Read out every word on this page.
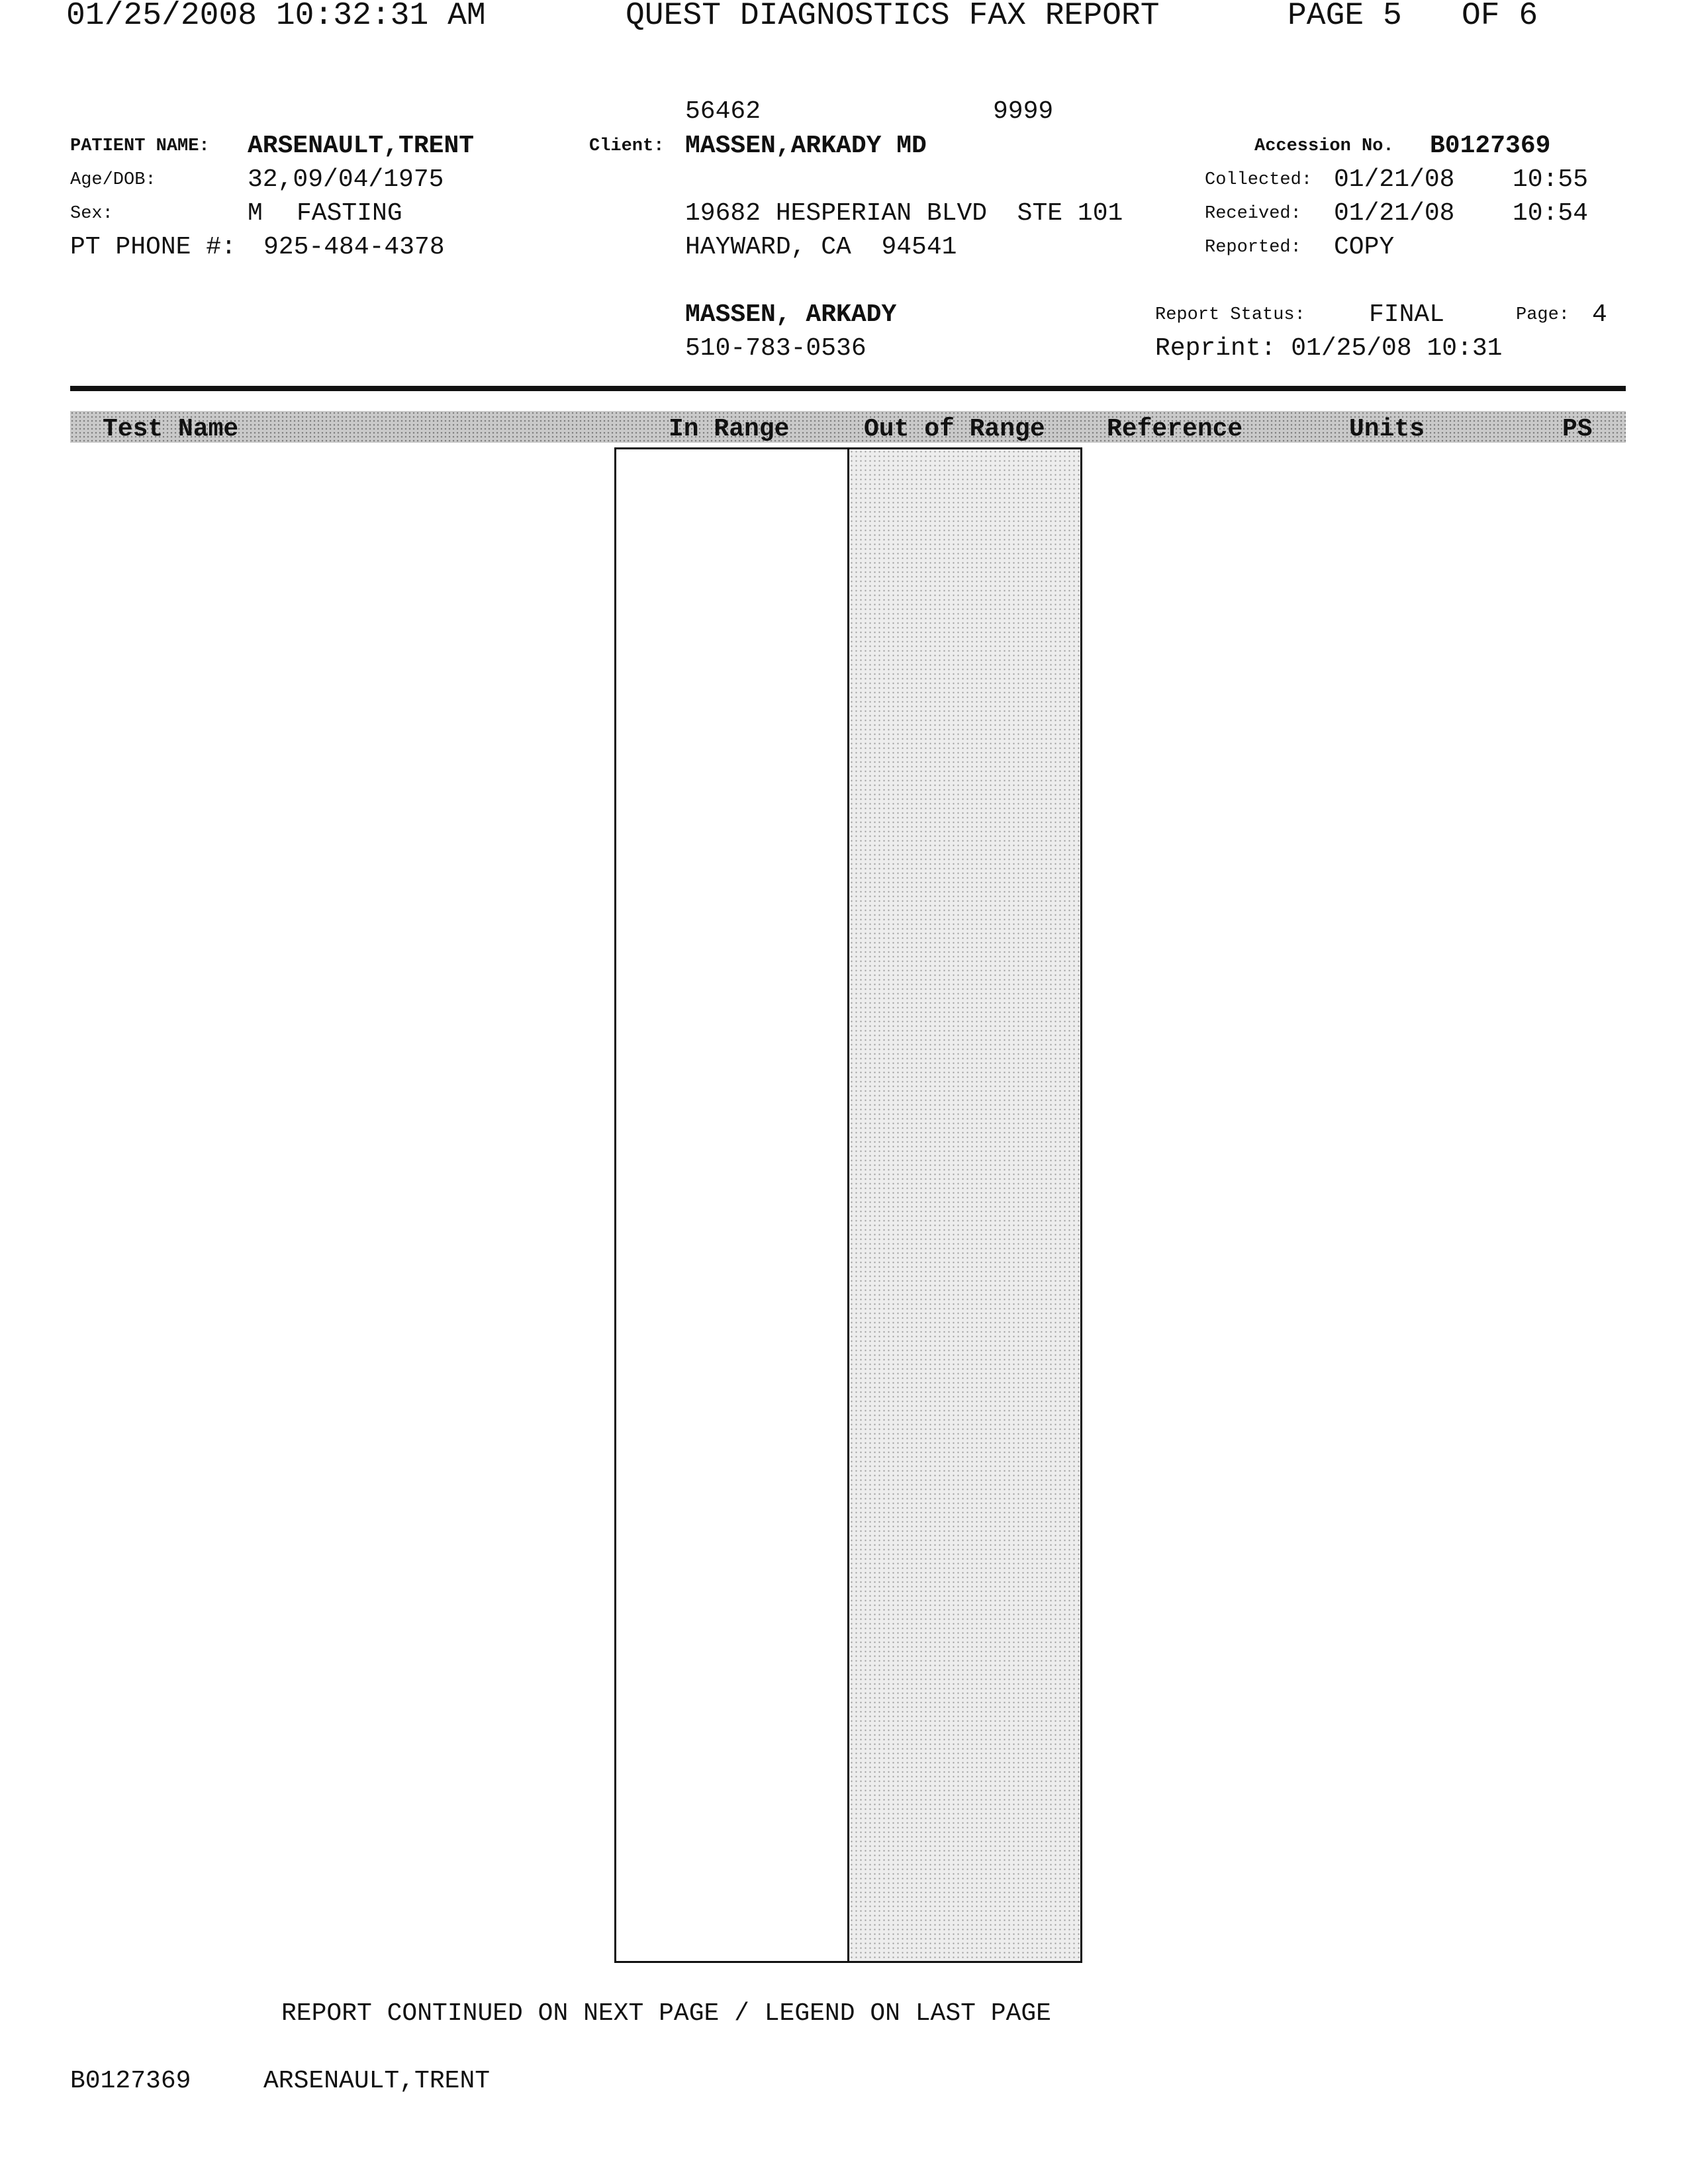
01/25/2008 10:32:31 AM	QUEST DIAGNOSTICS FAX REPORT	PAGE 5 OF 6
56462	9999
PATIENT NAME: ARSENAULT,TRENT
Age/DOB:	32,09/04/1975
Sex:	M FASTING
PT PHONE #: 925-484-4378
Client: MASSEN,ARKADY MD
19682 HESPERIAN BLVD  STE 101
HAYWARD, CA  94541
MASSEN, ARKADY
510-783-0536
Accession No. B0127369
Collected: 01/21/08 10:55
Received: 01/21/08 10:54
Reported: COPY
Report Status:	FINAL	Page: 4
Reprint: 01/25/08 10:31
Test Name	In Range	Out of Range Reference	Units	PS
REPORT CONTINUED ON NEXT PAGE / LEGEND ON LAST PAGE
B0127369	ARSENAULT,TRENT
